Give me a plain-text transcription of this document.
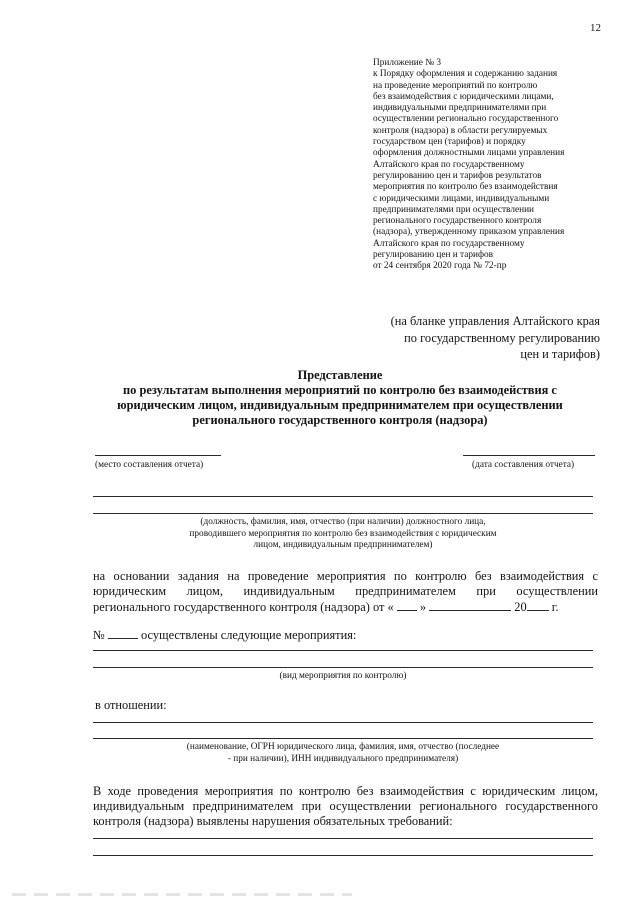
12
Приложение № 3
к Порядку оформления и содержанию задания
на проведение мероприятий по контролю
без взаимодействия с юридическими лицами,
индивидуальными предпринимателями при
осуществлении регионально государственного
контроля (надзора) в области регулируемых
государством цен (тарифов) и порядку
оформления должностными лицами управления
Алтайского края по государственному
регулированию цен и тарифов результатов
мероприятия по контролю без взаимодействия
с юридическими лицами, индивидуальными
предпринимателями при осуществлении
регионального государственного контроля
(надзора), утвержденному приказом управления
Алтайского края по государственному
регулированию цен и тарифов
от 24 сентября 2020 года № 72-пр
(на бланке управления Алтайского края
по государственному регулированию
цен и тарифов)
Представление
по результатам выполнения мероприятий по контролю без взаимодействия с
юридическим лицом, индивидуальным предпринимателем при осуществлении
регионального государственного контроля (надзора)
(место составления отчета)	(дата составления отчета)
(должность, фамилия, имя, отчество (при наличии) должностного лица,
проводившего мероприятия по контролю без взаимодействия с юридическим
лицом, индивидуальным предпринимателем)
на основании задания на проведение мероприятия по контролю без взаимодействия с
юридическим лицом, индивидуальным предпринимателем при осуществлении
регионального государственного контроля (надзора) от «  »	20 г.
№  осуществлены следующие мероприятия:
(вид мероприятия по контролю)
в отношении:
(наименование, ОГРН юридического лица, фамилия, имя, отчество (последнее
- при наличии), ИНН индивидуального предпринимателя)
В ходе проведения мероприятия по контролю без взаимодействия с юридическим лицом,
индивидуальным предпринимателем при осуществлении регионального государственного
контроля (надзора) выявлены нарушения обязательных требований:
